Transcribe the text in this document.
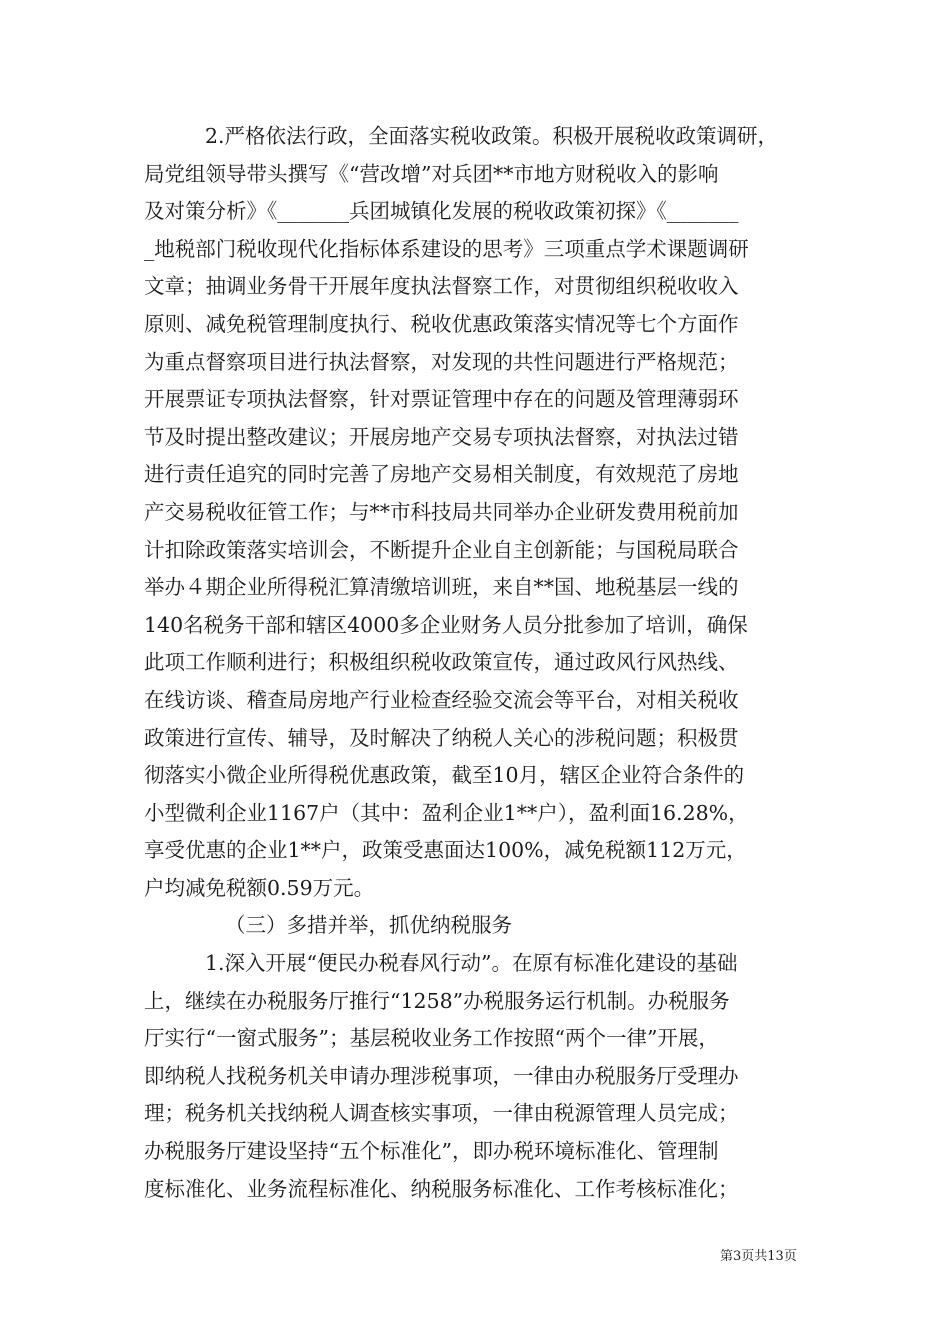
2.严格依法行政，全面落实税收政策。积极开展税收政策调研，
局党组领导带头撰写《“营改增”对兵团**市地方财税收入的影响
及对策分析》《_______兵团城镇化发展的税收政策初探》《_______
_地税部门税收现代化指标体系建设的思考》三项重点学术课题调研
文章；抽调业务骨干开展年度执法督察工作，对贯彻组织税收收入
原则、减免税管理制度执行、税收优惠政策落实情况等七个方面作
为重点督察项目进行执法督察，对发现的共性问题进行严格规范；
开展票证专项执法督察，针对票证管理中存在的问题及管理薄弱环
节及时提出整改建议；开展房地产交易专项执法督察，对执法过错
进行责任追究的同时完善了房地产交易相关制度，有效规范了房地
产交易税收征管工作；与**市科技局共同举办企业研发费用税前加
计扣除政策落实培训会，不断提升企业自主创新能；与国税局联合
举办４期企业所得税汇算清缴培训班，来自**国、地税基层一线的
140名税务干部和辖区4000多企业财务人员分批参加了培训，确保
此项工作顺利进行；积极组织税收政策宣传，通过政风行风热线、
在线访谈、稽查局房地产行业检查经验交流会等平台，对相关税收
政策进行宣传、辅导，及时解决了纳税人关心的涉税问题；积极贯
彻落实小微企业所得税优惠政策，截至10月，辖区企业符合条件的
小型微利企业1167户（其中：盈利企业1**户），盈利面16.28%，
享受优惠的企业1**户，政策受惠面达100%，减免税额112万元，
户均减免税额0.59万元。
（三）多措并举，抓优纳税服务
1.深入开展“便民办税春风行动”。在原有标准化建设的基础
上，继续在办税服务厅推行“1258”办税服务运行机制。办税服务
厅实行“一窗式服务”；基层税收业务工作按照“两个一律”开展，
即纳税人找税务机关申请办理涉税事项，一律由办税服务厅受理办
理；税务机关找纳税人调查核实事项，一律由税源管理人员完成；
办税服务厅建设坚持“五个标准化”，即办税环境标准化、管理制
度标准化、业务流程标准化、纳税服务标准化、工作考核标准化；
第3页共13页
